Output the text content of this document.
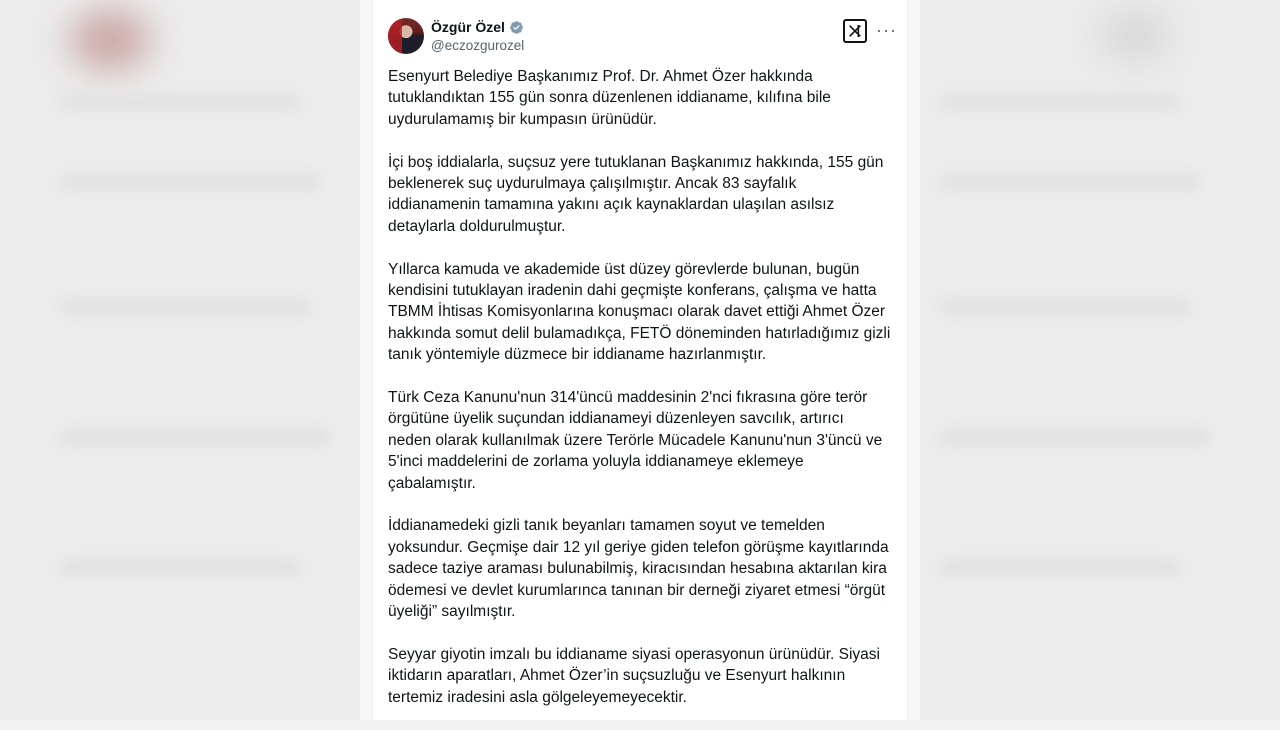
Özgür Özel
@eczozgurozel
···

Esenyurt Belediye Başkanımız Prof. Dr. Ahmet Özer hakkında
tutuklandıktan 155 gün sonra düzenlenen iddianame, kılıfına bile
uydurulamamış bir kumpasın ürünüdür.

İçi boş iddialarla, suçsuz yere tutuklanan Başkanımız hakkında, 155 gün
beklenerek suç uydurulmaya çalışılmıştır. Ancak 83 sayfalık
iddianamenin tamamına yakını açık kaynaklardan ulaşılan asılsız
detaylarla doldurulmuştur.

Yıllarca kamuda ve akademide üst düzey görevlerde bulunan, bugün
kendisini tutuklayan iradenin dahi geçmişte konferans, çalışma ve hatta
TBMM İhtisas Komisyonlarına konuşmacı olarak davet ettiği Ahmet Özer
hakkında somut delil bulamadıkça, FETÖ döneminden hatırladığımız gizli
tanık yöntemiyle düzmece bir iddianame hazırlanmıştır.

Türk Ceza Kanunu'nun 314'üncü maddesinin 2'nci fıkrasına göre terör
örgütüne üyelik suçundan iddianameyi düzenleyen savcılık, artırıcı
neden olarak kullanılmak üzere Terörle Mücadele Kanunu'nun 3'üncü ve
5'inci maddelerini de zorlama yoluyla iddianameye eklemeye
çabalamıştır.

İddianamedeki gizli tanık beyanları tamamen soyut ve temelden
yoksundur. Geçmişe dair 12 yıl geriye giden telefon görüşme kayıtlarında
sadece taziye araması bulunabilmiş, kiracısından hesabına aktarılan kira
ödemesi ve devlet kurumlarınca tanınan bir derneği ziyaret etmesi “örgüt
üyeliği” sayılmıştır.

Seyyar giyotin imzalı bu iddianame siyasi operasyonun ürünüdür. Siyasi
iktidarın aparatları, Ahmet Özer’in suçsuzluğu ve Esenyurt halkının
tertemiz iradesini asla gölgeleyemeyecektir.
